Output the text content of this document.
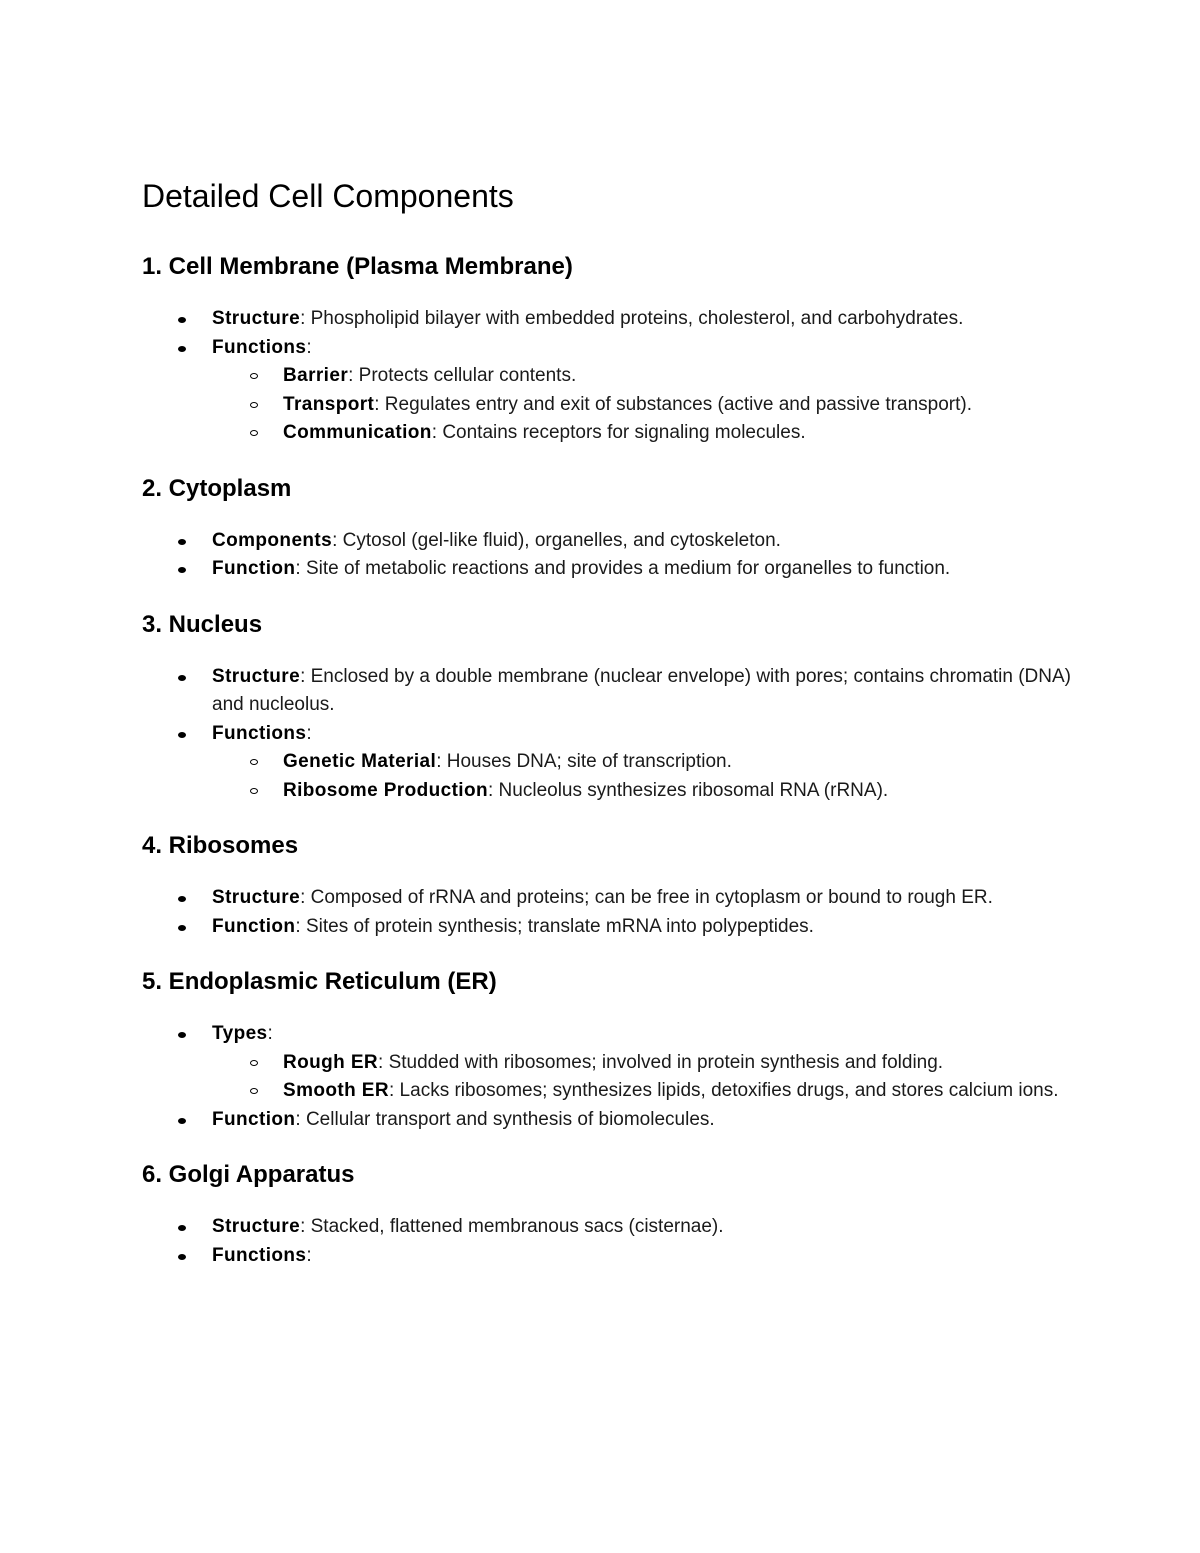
Detailed Cell Components
1. Cell Membrane (Plasma Membrane)
Structure: Phospholipid bilayer with embedded proteins, cholesterol, and carbohydrates.
Functions:
Barrier: Protects cellular contents.
Transport: Regulates entry and exit of substances (active and passive transport).
Communication: Contains receptors for signaling molecules.
2. Cytoplasm
Components: Cytosol (gel-like fluid), organelles, and cytoskeleton.
Function: Site of metabolic reactions and provides a medium for organelles to function.
3. Nucleus
Structure: Enclosed by a double membrane (nuclear envelope) with pores; contains chromatin (DNA) and nucleolus.
Functions:
Genetic Material: Houses DNA; site of transcription.
Ribosome Production: Nucleolus synthesizes ribosomal RNA (rRNA).
4. Ribosomes
Structure: Composed of rRNA and proteins; can be free in cytoplasm or bound to rough ER.
Function: Sites of protein synthesis; translate mRNA into polypeptides.
5. Endoplasmic Reticulum (ER)
Types:
Rough ER: Studded with ribosomes; involved in protein synthesis and folding.
Smooth ER: Lacks ribosomes; synthesizes lipids, detoxifies drugs, and stores calcium ions.
Function: Cellular transport and synthesis of biomolecules.
6. Golgi Apparatus
Structure: Stacked, flattened membranous sacs (cisternae).
Functions:
